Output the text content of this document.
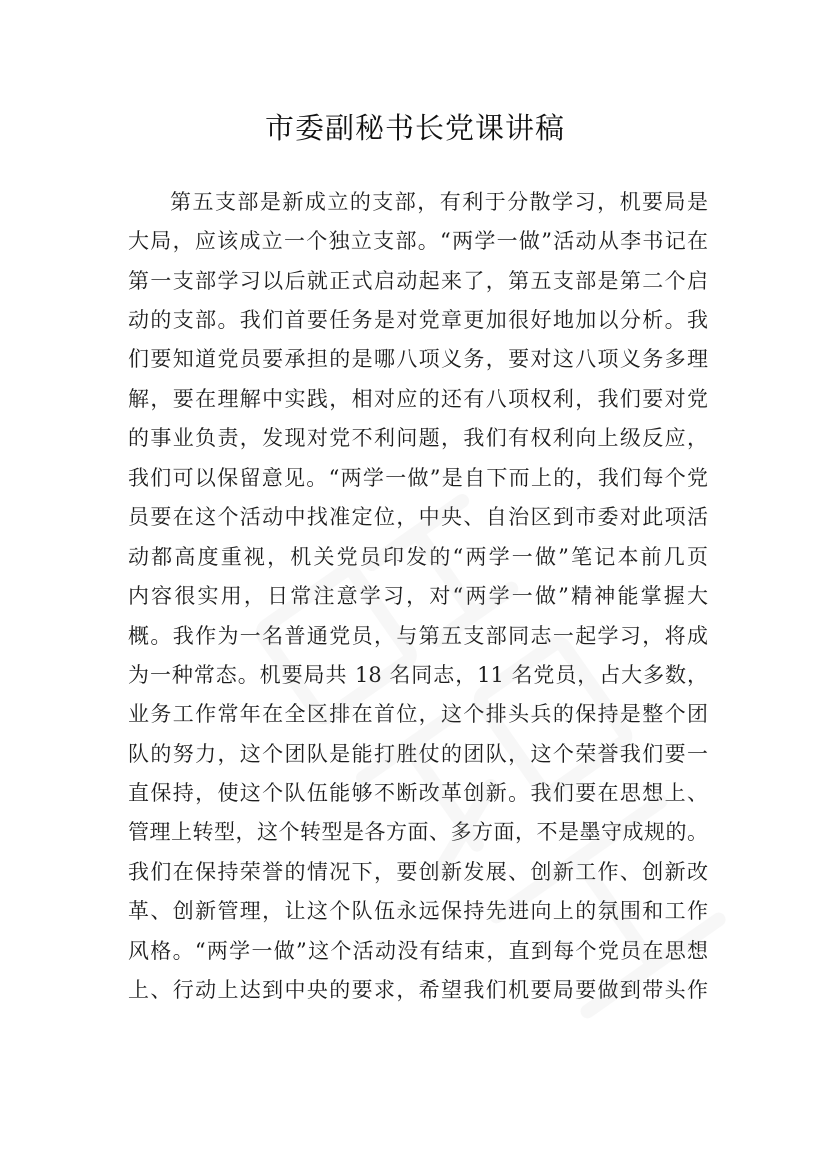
市委副秘书长党课讲稿
第五支部是新成立的支部，有利于分散学习，机要局是
大局，应该成立一个独立支部。“两学一做”活动从李书记在
第一支部学习以后就正式启动起来了，第五支部是第二个启
动的支部。我们首要任务是对党章更加很好地加以分析。我
们要知道党员要承担的是哪八项义务，要对这八项义务多理
解，要在理解中实践，相对应的还有八项权利，我们要对党
的事业负责，发现对党不利问题，我们有权利向上级反应，
我们可以保留意见。“两学一做”是自下而上的，我们每个党
员要在这个活动中找准定位，中央、自治区到市委对此项活
动都高度重视，机关党员印发的“两学一做”笔记本前几页
内容很实用，日常注意学习，对“两学一做”精神能掌握大
概。我作为一名普通党员，与第五支部同志一起学习，将成
为一种常态。机要局共 18 名同志，11 名党员，占大多数，
业务工作常年在全区排在首位，这个排头兵的保持是整个团
队的努力，这个团队是能打胜仗的团队，这个荣誉我们要一
直保持，使这个队伍能够不断改革创新。我们要在思想上、
管理上转型，这个转型是各方面、多方面，不是墨守成规的。
我们在保持荣誉的情况下，要创新发展、创新工作、创新改
革、创新管理，让这个队伍永远保持先进向上的氛围和工作
风格。“两学一做”这个活动没有结束，直到每个党员在思想
上、行动上达到中央的要求，希望我们机要局要做到带头作
